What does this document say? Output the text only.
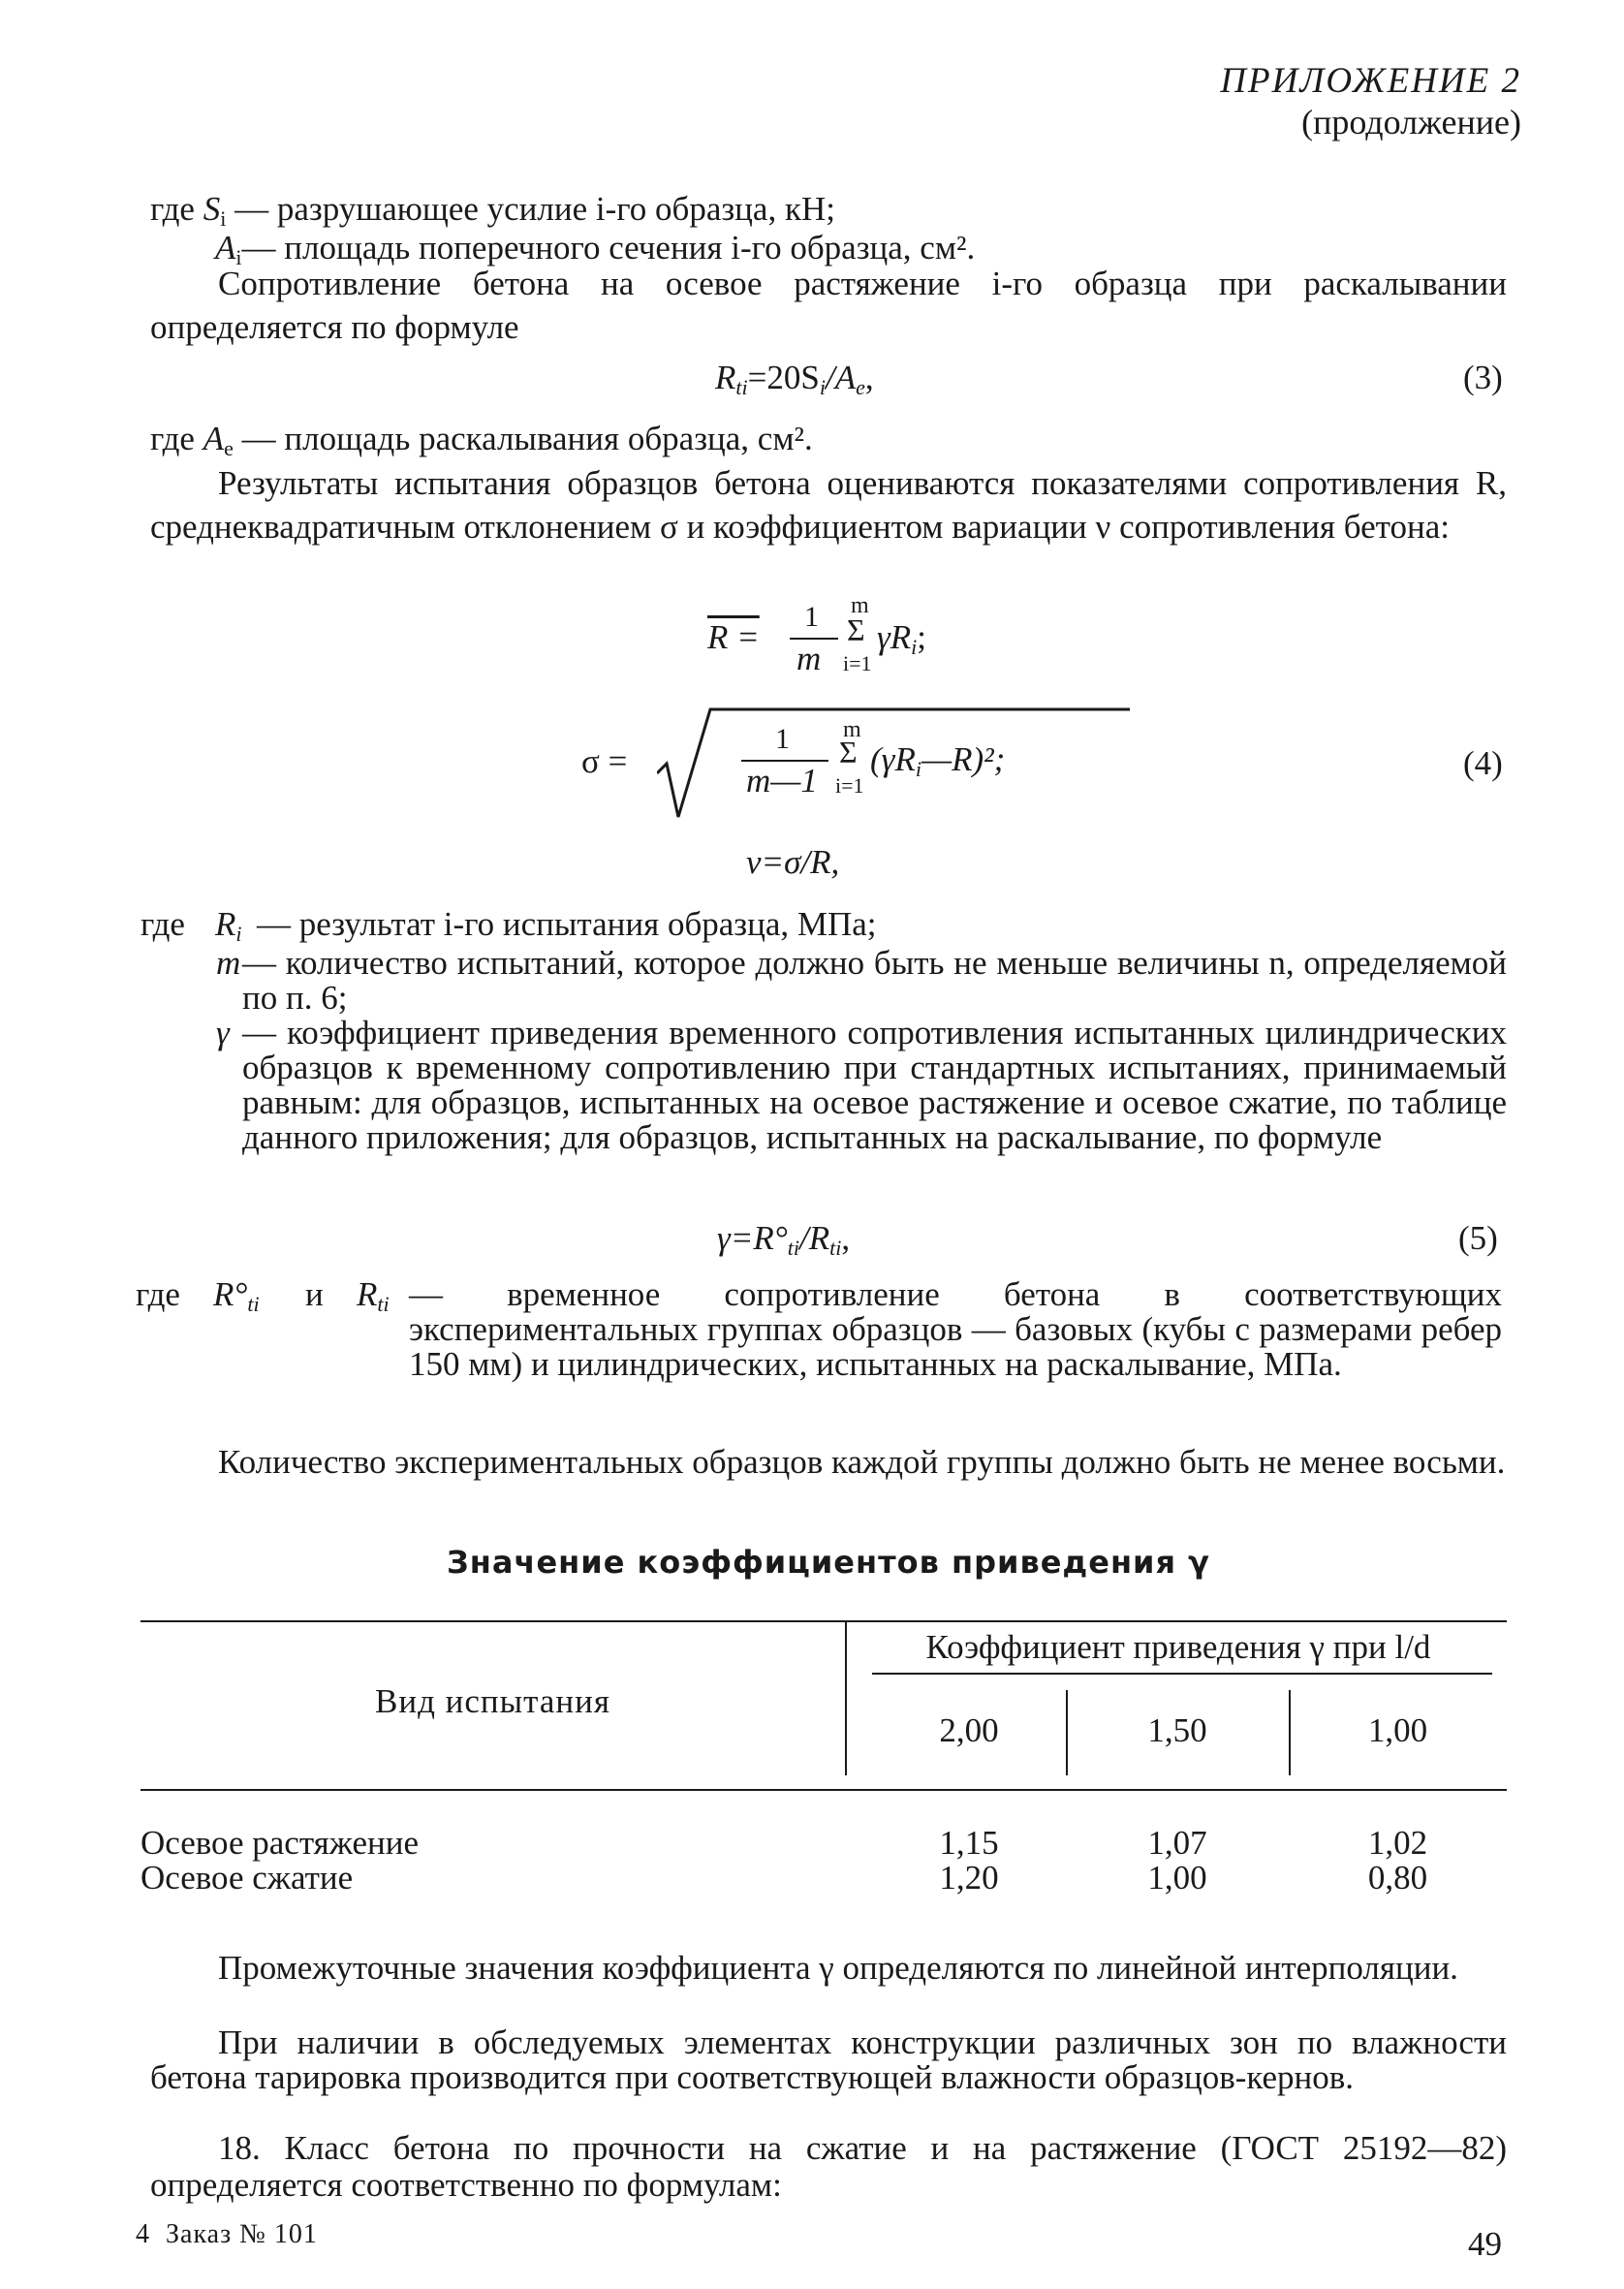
ПРИЛОЖЕНИЕ 2
(продолжение)
где $S_i$ — разрушающее усилие i-го образца, кН;
$A_i—$ площадь поперечного сечения i-го образца, см².
Сопротивление бетона на осевое растяжение i-го образца при раскалывании определяется по формуле
$R_{ti}=20S_i/A_e$,	(3)
где $A_e$ — площадь раскалывания образца, см².
Результаты испытания образцов бетона оцениваются показателями сопротивления R, среднеквадратичным отклонением σ и коэффициентом вариации ν сопротивления бетона:
R =
1
m
m
Σ
i=1
$\gamma R_i$;
σ =
1
m—1
m
Σ
i=1
$(\gamma R_i—R)^2$;	(4)
ν=σ/R,
где $R_i$ — результат i-го испытания образца, МПа;
m — количество испытаний, которое должно быть не меньше величины n, определяемой по п. 6;
γ — коэффициент приведения временного сопротивления испытанных цилиндрических образцов к временному сопротивлению при стандартных испытаниях, принимаемый равным: для образцов, испытанных на осевое растяжение и осевое сжатие, по таблице данного приложения; для образцов, испытанных на раскалывание, по формуле
$\gamma=R^\circ_{ti}/R_{ti}$,	(5)
где $R^\circ_{ti}$ и $R_{ti}$ — временное сопротивление бетона в соответствующих экспериментальных группах образцов — базовых (кубы с размерами ребер 150 мм) и цилиндрических, испытанных на раскалывание, МПа.
Количество экспериментальных образцов каждой группы должно быть не менее восьми.
Значение коэффициентов приведения γ
Вид испытания
Коэффициент приведения γ при l/d
2,00	1,50	1,00
Осевое растяжение	1,15	1,07	1,02
Осевое сжатие	1,20	1,00	0,80
Промежуточные значения коэффициента γ определяются по линейной интерполяции.
При наличии в обследуемых элементах конструкции различных зон по влажности бетона тарировка производится при соответствующей влажности образцов-кернов.
18. Класс бетона по прочности на сжатие и на растяжение (ГОСТ 25192—82) определяется соответственно по формулам:
4  Заказ № 101	49
